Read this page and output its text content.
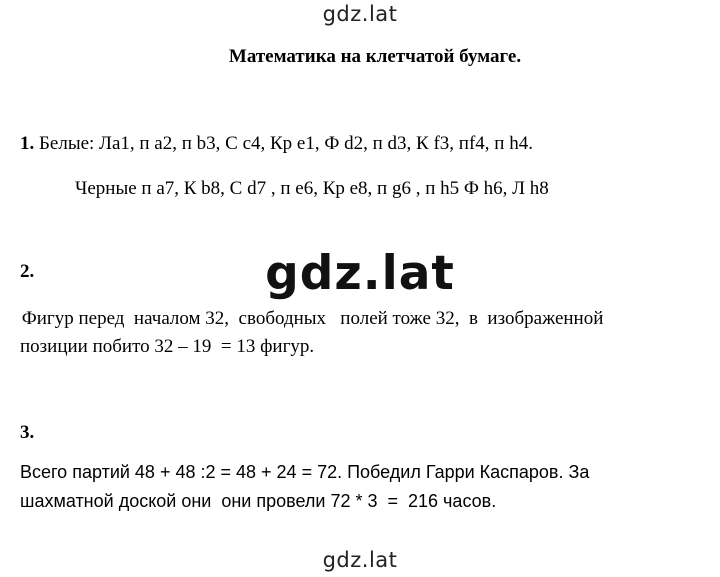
gdz.lat
Математика на клетчатой бумаге.
1. Белые: Ла1, п а2, п b3, С с4, Кр е1, Ф d2, п d3, К f3, пf4, п h4.
Черные п а7, К b8, С d7 , п е6, Кр е8, п g6 , п h5 Ф h6, Л h8
2.	gdz.lat
Фигур перед  началом 32,  свободных   полей тоже 32,  в  изображенной
позиции побито 32 – 19  = 13 фигур.
3.
Всего партий 48 + 48 :2 = 48 + 24 = 72. Победил Гарри Каспаров. За
шахматной доской они  они провели 72 * 3  =  216 часов.
gdz.lat
